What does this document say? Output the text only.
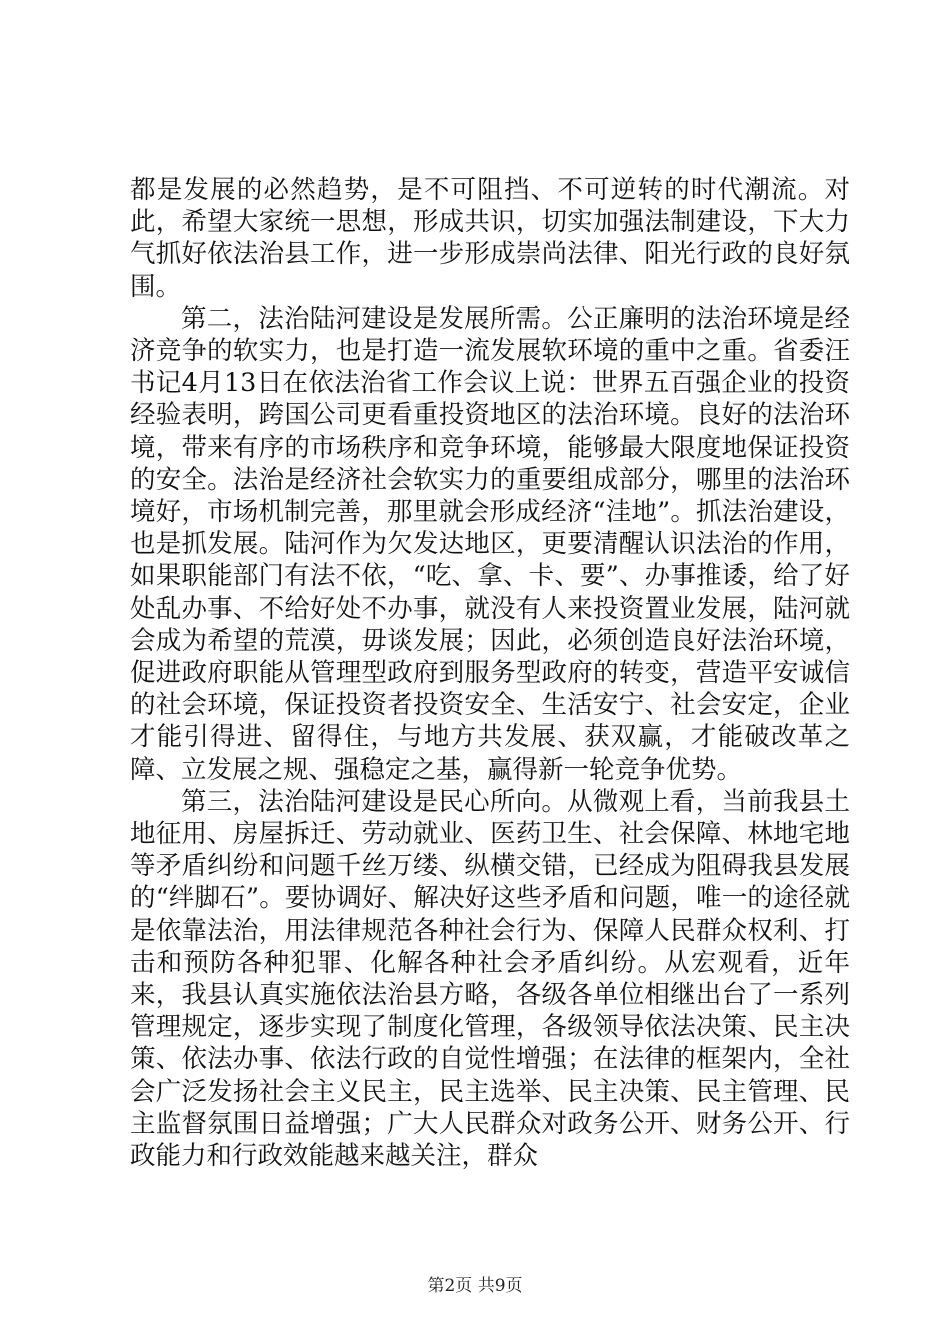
都是发展的必然趋势，是不可阻挡、不可逆转的时代潮流。对此，希望大家统一思想，形成共识，切实加强法制建设，下大力气抓好依法治县工作，进一步形成崇尚法律、阳光行政的良好氛围。

第二，法治陆河建设是发展所需。公正廉明的法治环境是经济竞争的软实力，也是打造一流发展软环境的重中之重。省委汪书记4月13日在依法治省工作会议上说：世界五百强企业的投资经验表明，跨国公司更看重投资地区的法治环境。良好的法治环境，带来有序的市场秩序和竞争环境，能够最大限度地保证投资的安全。法治是经济社会软实力的重要组成部分，哪里的法治环境好，市场机制完善，那里就会形成经济“洼地”。抓法治建设，也是抓发展。陆河作为欠发达地区，更要清醒认识法治的作用，如果职能部门有法不依，“吃、拿、卡、要”、办事推诿，给了好处乱办事、不给好处不办事，就没有人来投资置业发展，陆河就会成为希望的荒漠，毋谈发展；因此，必须创造良好法治环境，促进政府职能从管理型政府到服务型政府的转变，营造平安诚信的社会环境，保证投资者投资安全、生活安宁、社会安定，企业才能引得进、留得住，与地方共发展、获双赢，才能破改革之障、立发展之规、强稳定之基，赢得新一轮竞争优势。

第三，法治陆河建设是民心所向。从微观上看，当前我县土地征用、房屋拆迁、劳动就业、医药卫生、社会保障、林地宅地等矛盾纠纷和问题千丝万缕、纵横交错，已经成为阻碍我县发展的“绊脚石”。要协调好、解决好这些矛盾和问题，唯一的途径就是依靠法治，用法律规范各种社会行为、保障人民群众权利、打击和预防各种犯罪、化解各种社会矛盾纠纷。从宏观看，近年来，我县认真实施依法治县方略，各级各单位相继出台了一系列管理规定，逐步实现了制度化管理，各级领导依法决策、民主决策、依法办事、依法行政的自觉性增强；在法律的框架内，全社会广泛发扬社会主义民主，民主选举、民主决策、民主管理、民主监督氛围日益增强；广大人民群众对政务公开、财务公开、行政能力和行政效能越来越关注，群众

第2页 共9页
